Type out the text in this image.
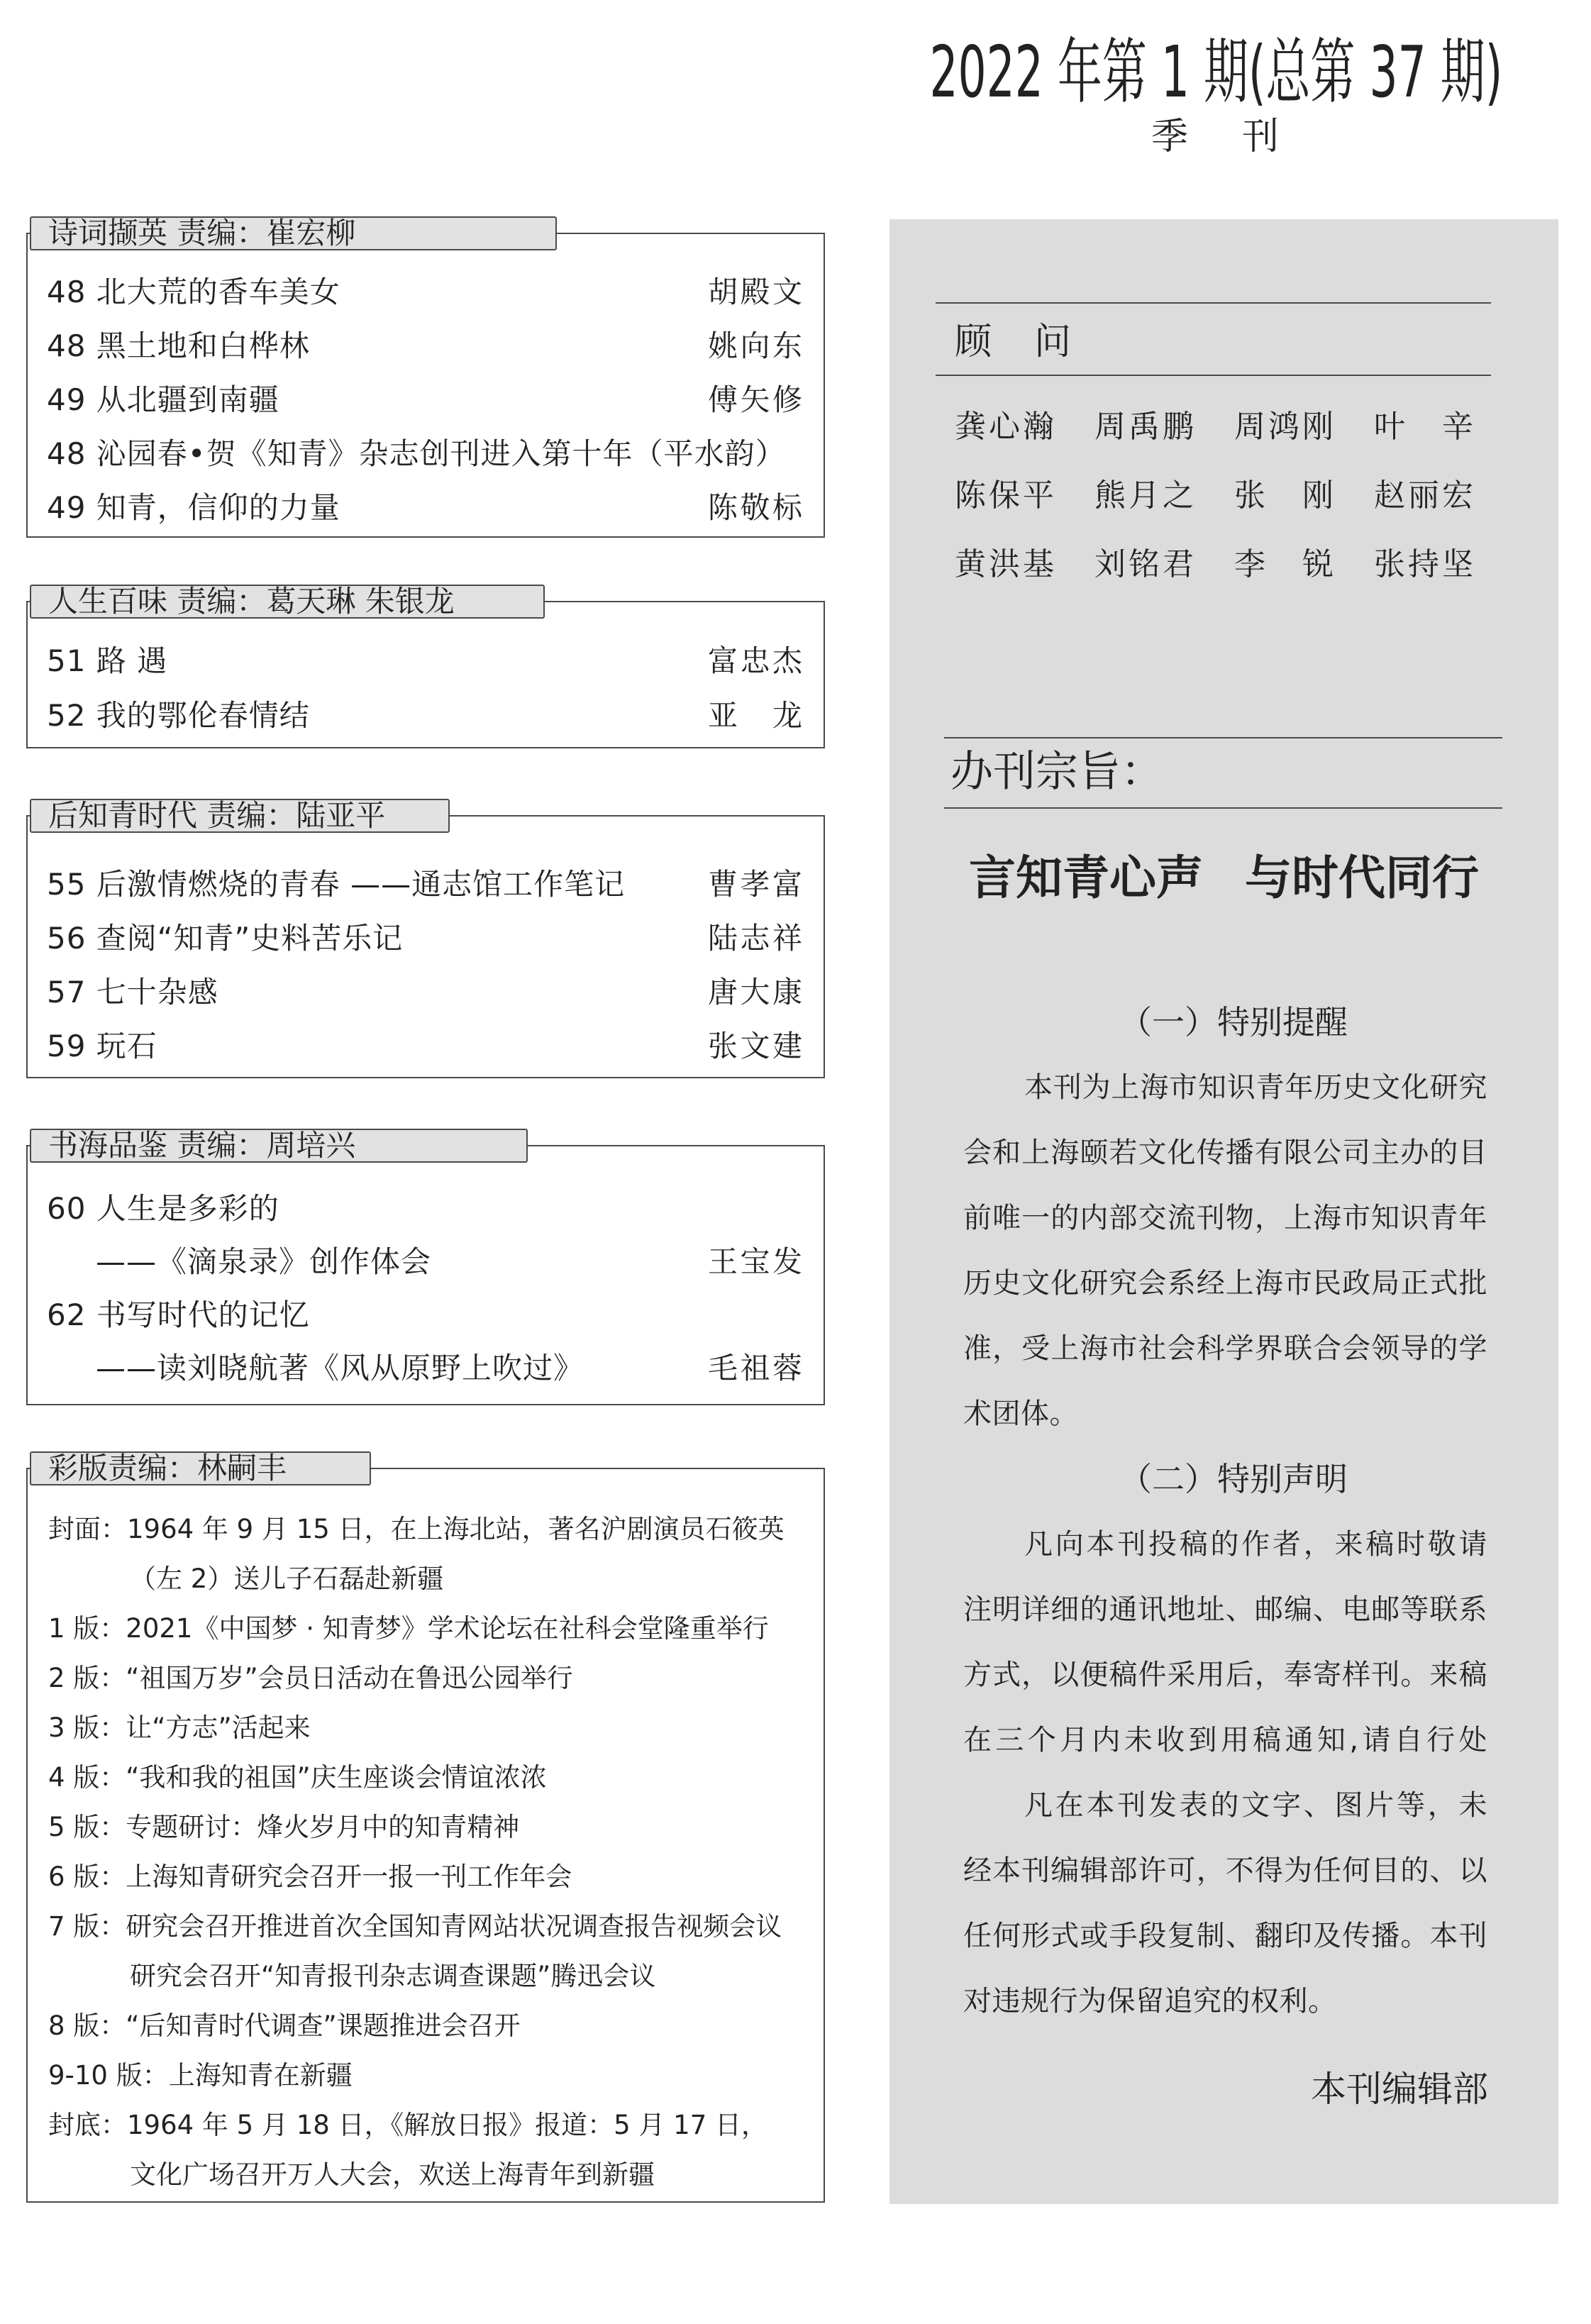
2022 年第 1 期(总第 37 期)
季 刊
诗词撷英 责编：崔宏柳
48 北大荒的香车美女	胡殿文
48 黑土地和白桦林	姚向东
49 从北疆到南疆	傅矢修
48 沁园春•贺《知青》杂志创刊进入第十年（平水韵）
49 知青，信仰的力量	陈敬标
人生百味 责编：葛天琳 朱银龙
51 路 遇	富忠杰
52 我的鄂伦春情结	亚 龙
后知青时代 责编：陆亚平
55 后激情燃烧的青春 ——通志馆工作笔记	曹孝富
56 查阅“知青”史料苦乐记	陆志祥
57 七十杂感	唐大康
59 玩石	张文建
书海品鉴 责编：周培兴
60 人生是多彩的
——《滴泉录》创作体会	王宝发
62 书写时代的记忆
——读刘晓航著《风从原野上吹过》	毛祖蓉
彩版责编：林嗣丰
封面：1964 年 9 月 15 日，在上海北站，著名沪剧演员石筱英
（左 2）送儿子石磊赴新疆
1 版：2021《中国梦 · 知青梦》学术论坛在社科会堂隆重举行
2 版：“祖国万岁”会员日活动在鲁迅公园举行
3 版：让“方志”活起来
4 版：“我和我的祖国”庆生座谈会情谊浓浓
5 版：专题研讨：烽火岁月中的知青精神
6 版：上海知青研究会召开一报一刊工作年会
7 版：研究会召开推进首次全国知青网站状况调查报告视频会议
研究会召开“知青报刊杂志调查课题”腾迅会议
8 版：“后知青时代调查”课题推进会召开
9-10 版：上海知青在新疆
封底：1964 年 5 月 18 日，《解放日报》报道：5 月 17 日，
文化广场召开万人大会，欢送上海青年到新疆
顾 问
龚心瀚 周禹鹏 周鸿刚 叶 辛
陈保平 熊月之 张 刚 赵丽宏
黄洪基 刘铭君 李 锐 张持坚
办刊宗旨：
言知青心声 与时代同行
（一）特别提醒
本刊为上海市知识青年历史文化研究
会和上海颐若文化传播有限公司主办的目
前唯一的内部交流刊物，上海市知识青年
历史文化研究会系经上海市民政局正式批
准，受上海市社会科学界联合会领导的学
术团体。
（二）特别声明
凡向本刊投稿的作者，来稿时敬请
注明详细的通讯地址、邮编、电邮等联系
方式，以便稿件采用后，奉寄样刊。来稿
在三个月内未收到用稿通知,请自行处
凡在本刊发表的文字、图片等，未
经本刊编辑部许可，不得为任何目的、以
任何形式或手段复制、翻印及传播。本刊
对违规行为保留追究的权利。
本刊编辑部
